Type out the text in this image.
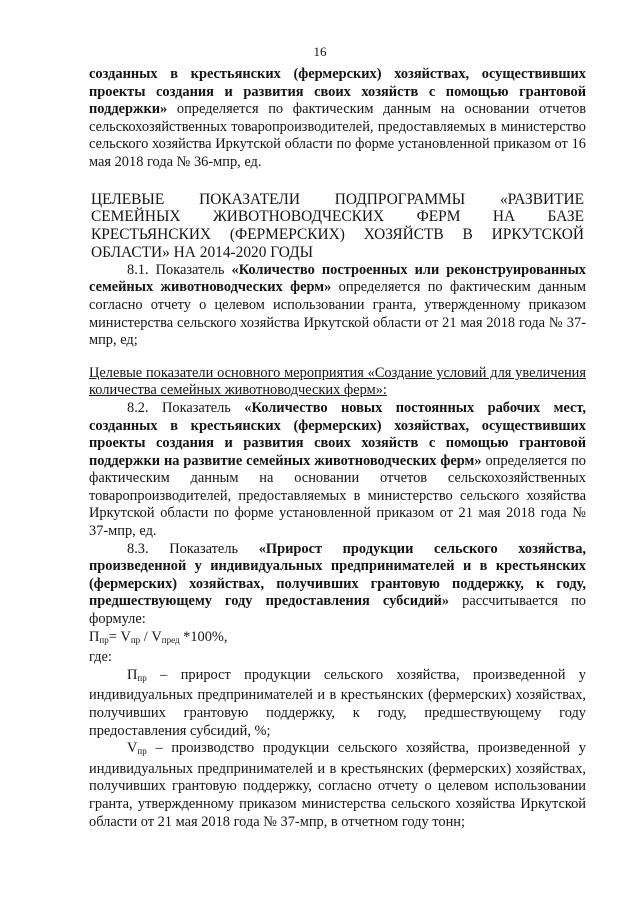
16

созданных в крестьянских (фермерских) хозяйствах, осуществивших проекты создания и развития своих хозяйств с помощью грантовой поддержки» определяется по фактическим данным на основании отчетов сельскохозяйственных товаропроизводителей, предоставляемых в министерство сельского хозяйства Иркутской области по форме установленной приказом от 16 мая 2018 года № 36-мпр, ед.

ЦЕЛЕВЫЕ ПОКАЗАТЕЛИ ПОДПРОГРАММЫ «РАЗВИТИЕ СЕМЕЙНЫХ ЖИВОТНОВОДЧЕСКИХ ФЕРМ НА БАЗЕ КРЕСТЬЯНСКИХ (ФЕРМЕРСКИХ) ХОЗЯЙСТВ В ИРКУТСКОЙ ОБЛАСТИ» НА 2014-2020 ГОДЫ

8.1. Показатель «Количество построенных или реконструированных семейных животноводческих ферм» определяется по фактическим данным согласно отчету о целевом использовании гранта, утвержденному приказом министерства сельского хозяйства Иркутской области от 21 мая 2018 года № 37-мпр, ед;

Целевые показатели основного мероприятия «Создание условий для увеличения количества семейных животноводческих ферм»:

8.2. Показатель «Количество новых постоянных рабочих мест, созданных в крестьянских (фермерских) хозяйствах, осуществивших проекты создания и развития своих хозяйств с помощью грантовой поддержки на развитие семейных животноводческих ферм» определяется по фактическим данным на основании отчетов сельскохозяйственных товаропроизводителей, предоставляемых в министерство сельского хозяйства Иркутской области по форме установленной приказом от 21 мая 2018 года № 37-мпр, ед.

8.3. Показатель «Прирост продукции сельского хозяйства, произведенной у индивидуальных предпринимателей и в крестьянских (фермерских) хозяйствах, получивших грантовую поддержку, к году, предшествующему году предоставления субсидий» рассчитывается по формуле:

$П_{пр}= V_{пр} / V_{пред}$ *100%,

где:

$П_{пр}$ – прирост продукции сельского хозяйства, произведенной у индивидуальных предпринимателей и в крестьянских (фермерских) хозяйствах, получивших грантовую поддержку, к году, предшествующему году предоставления субсидий, %;

$V_{пр}$ – производство продукции сельского хозяйства, произведенной у индивидуальных предпринимателей и в крестьянских (фермерских) хозяйствах, получивших грантовую поддержку, согласно отчету о целевом использовании гранта, утвержденному приказом министерства сельского хозяйства Иркутской области от 21 мая 2018 года № 37-мпр, в отчетном году тонн;
